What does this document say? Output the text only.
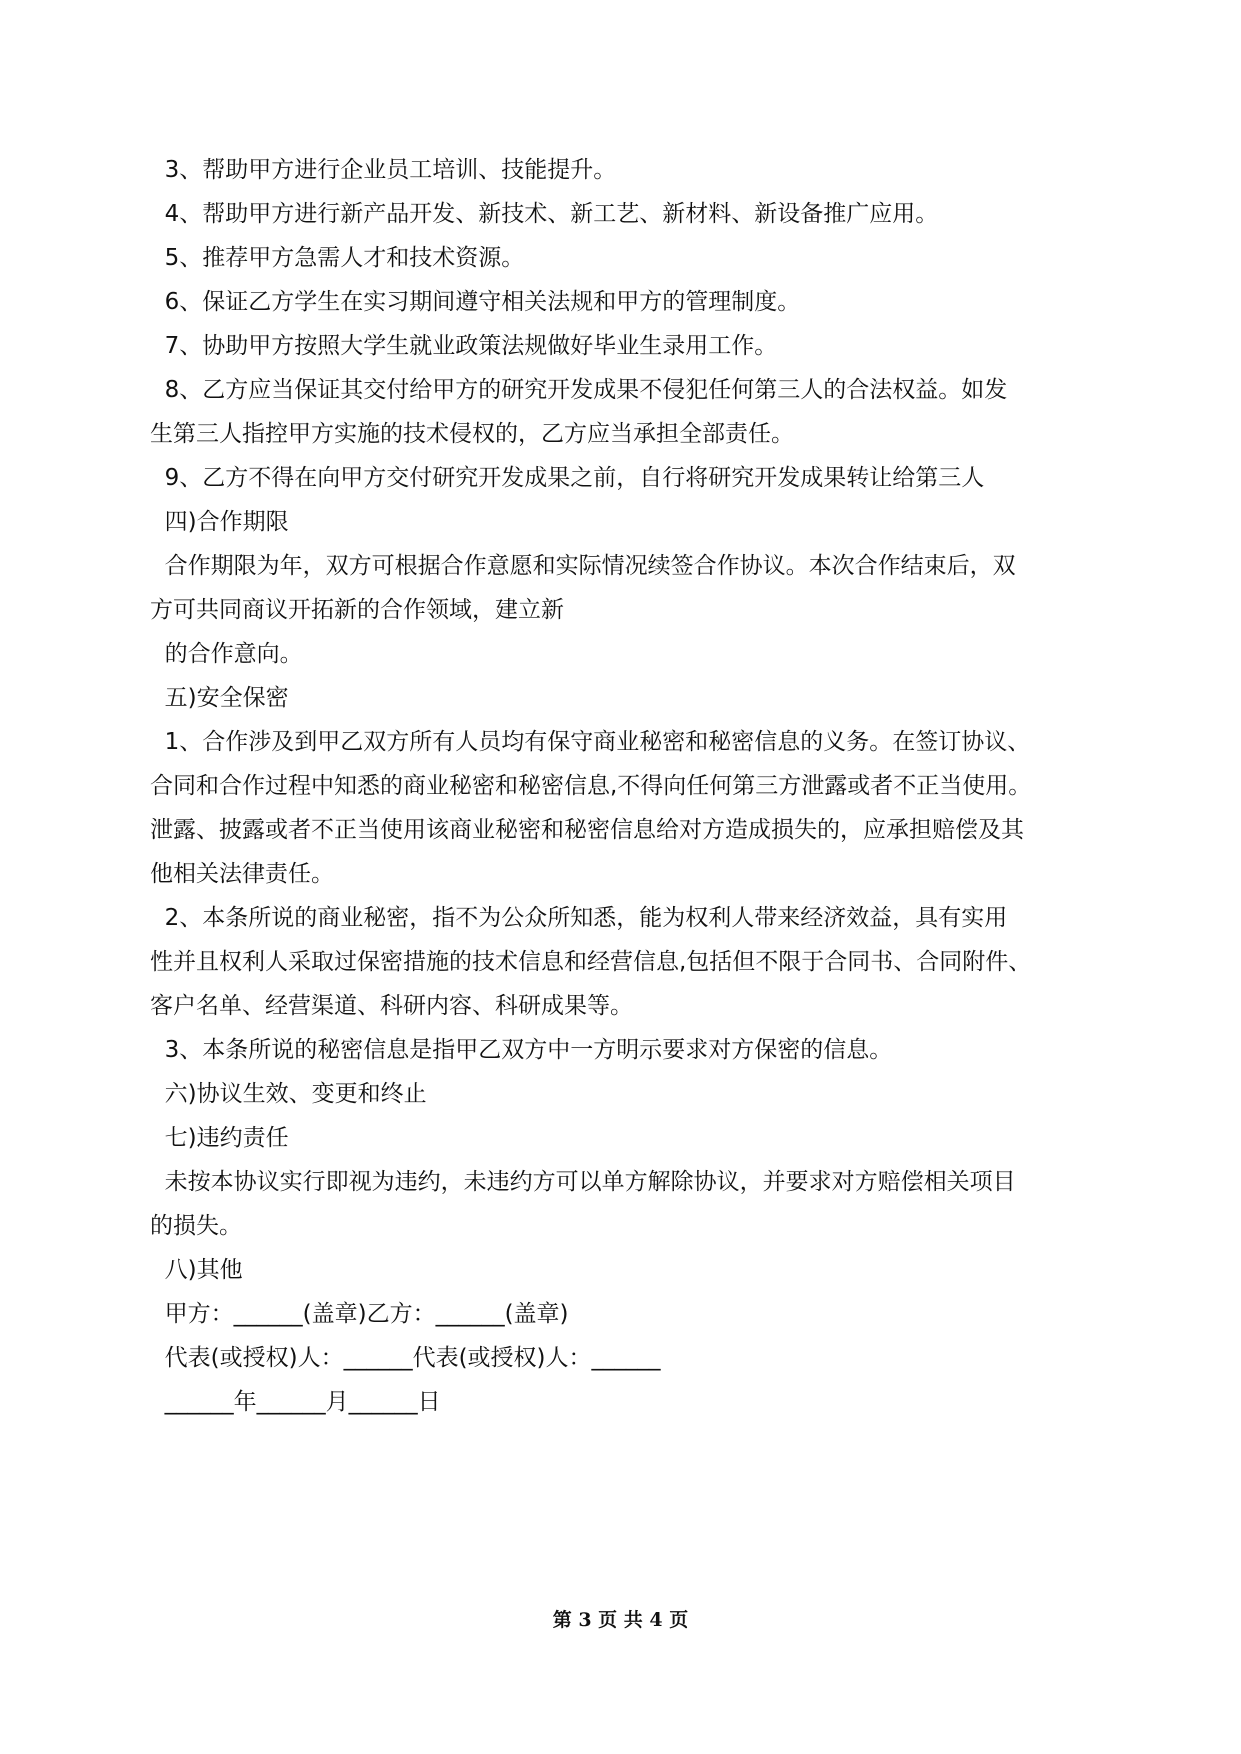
3、帮助甲方进行企业员工培训、技能提升。
4、帮助甲方进行新产品开发、新技术、新工艺、新材料、新设备推广应用。
5、推荐甲方急需人才和技术资源。
6、保证乙方学生在实习期间遵守相关法规和甲方的管理制度。
7、协助甲方按照大学生就业政策法规做好毕业生录用工作。
8、乙方应当保证其交付给甲方的研究开发成果不侵犯任何第三人的合法权益。如发
生第三人指控甲方实施的技术侵权的，乙方应当承担全部责任。
9、乙方不得在向甲方交付研究开发成果之前，自行将研究开发成果转让给第三人
四)合作期限
合作期限为年，双方可根据合作意愿和实际情况续签合作协议。本次合作结束后，双
方可共同商议开拓新的合作领域，建立新
的合作意向。
五)安全保密
1、合作涉及到甲乙双方所有人员均有保守商业秘密和秘密信息的义务。在签订协议、
合同和合作过程中知悉的商业秘密和秘密信息,不得向任何第三方泄露或者不正当使用。
泄露、披露或者不正当使用该商业秘密和秘密信息给对方造成损失的，应承担赔偿及其
他相关法律责任。
2、本条所说的商业秘密，指不为公众所知悉，能为权利人带来经济效益，具有实用
性并且权利人采取过保密措施的技术信息和经营信息,包括但不限于合同书、合同附件、
客户名单、经营渠道、科研内容、科研成果等。
3、本条所说的秘密信息是指甲乙双方中一方明示要求对方保密的信息。
六)协议生效、变更和终止
七)违约责任
未按本协议实行即视为违约，未违约方可以单方解除协议，并要求对方赔偿相关项目
的损失。
八)其他
甲方：______(盖章)乙方：______(盖章)
代表(或授权)人：______代表(或授权)人：______
______年______月______日
第 3 页 共 4 页
